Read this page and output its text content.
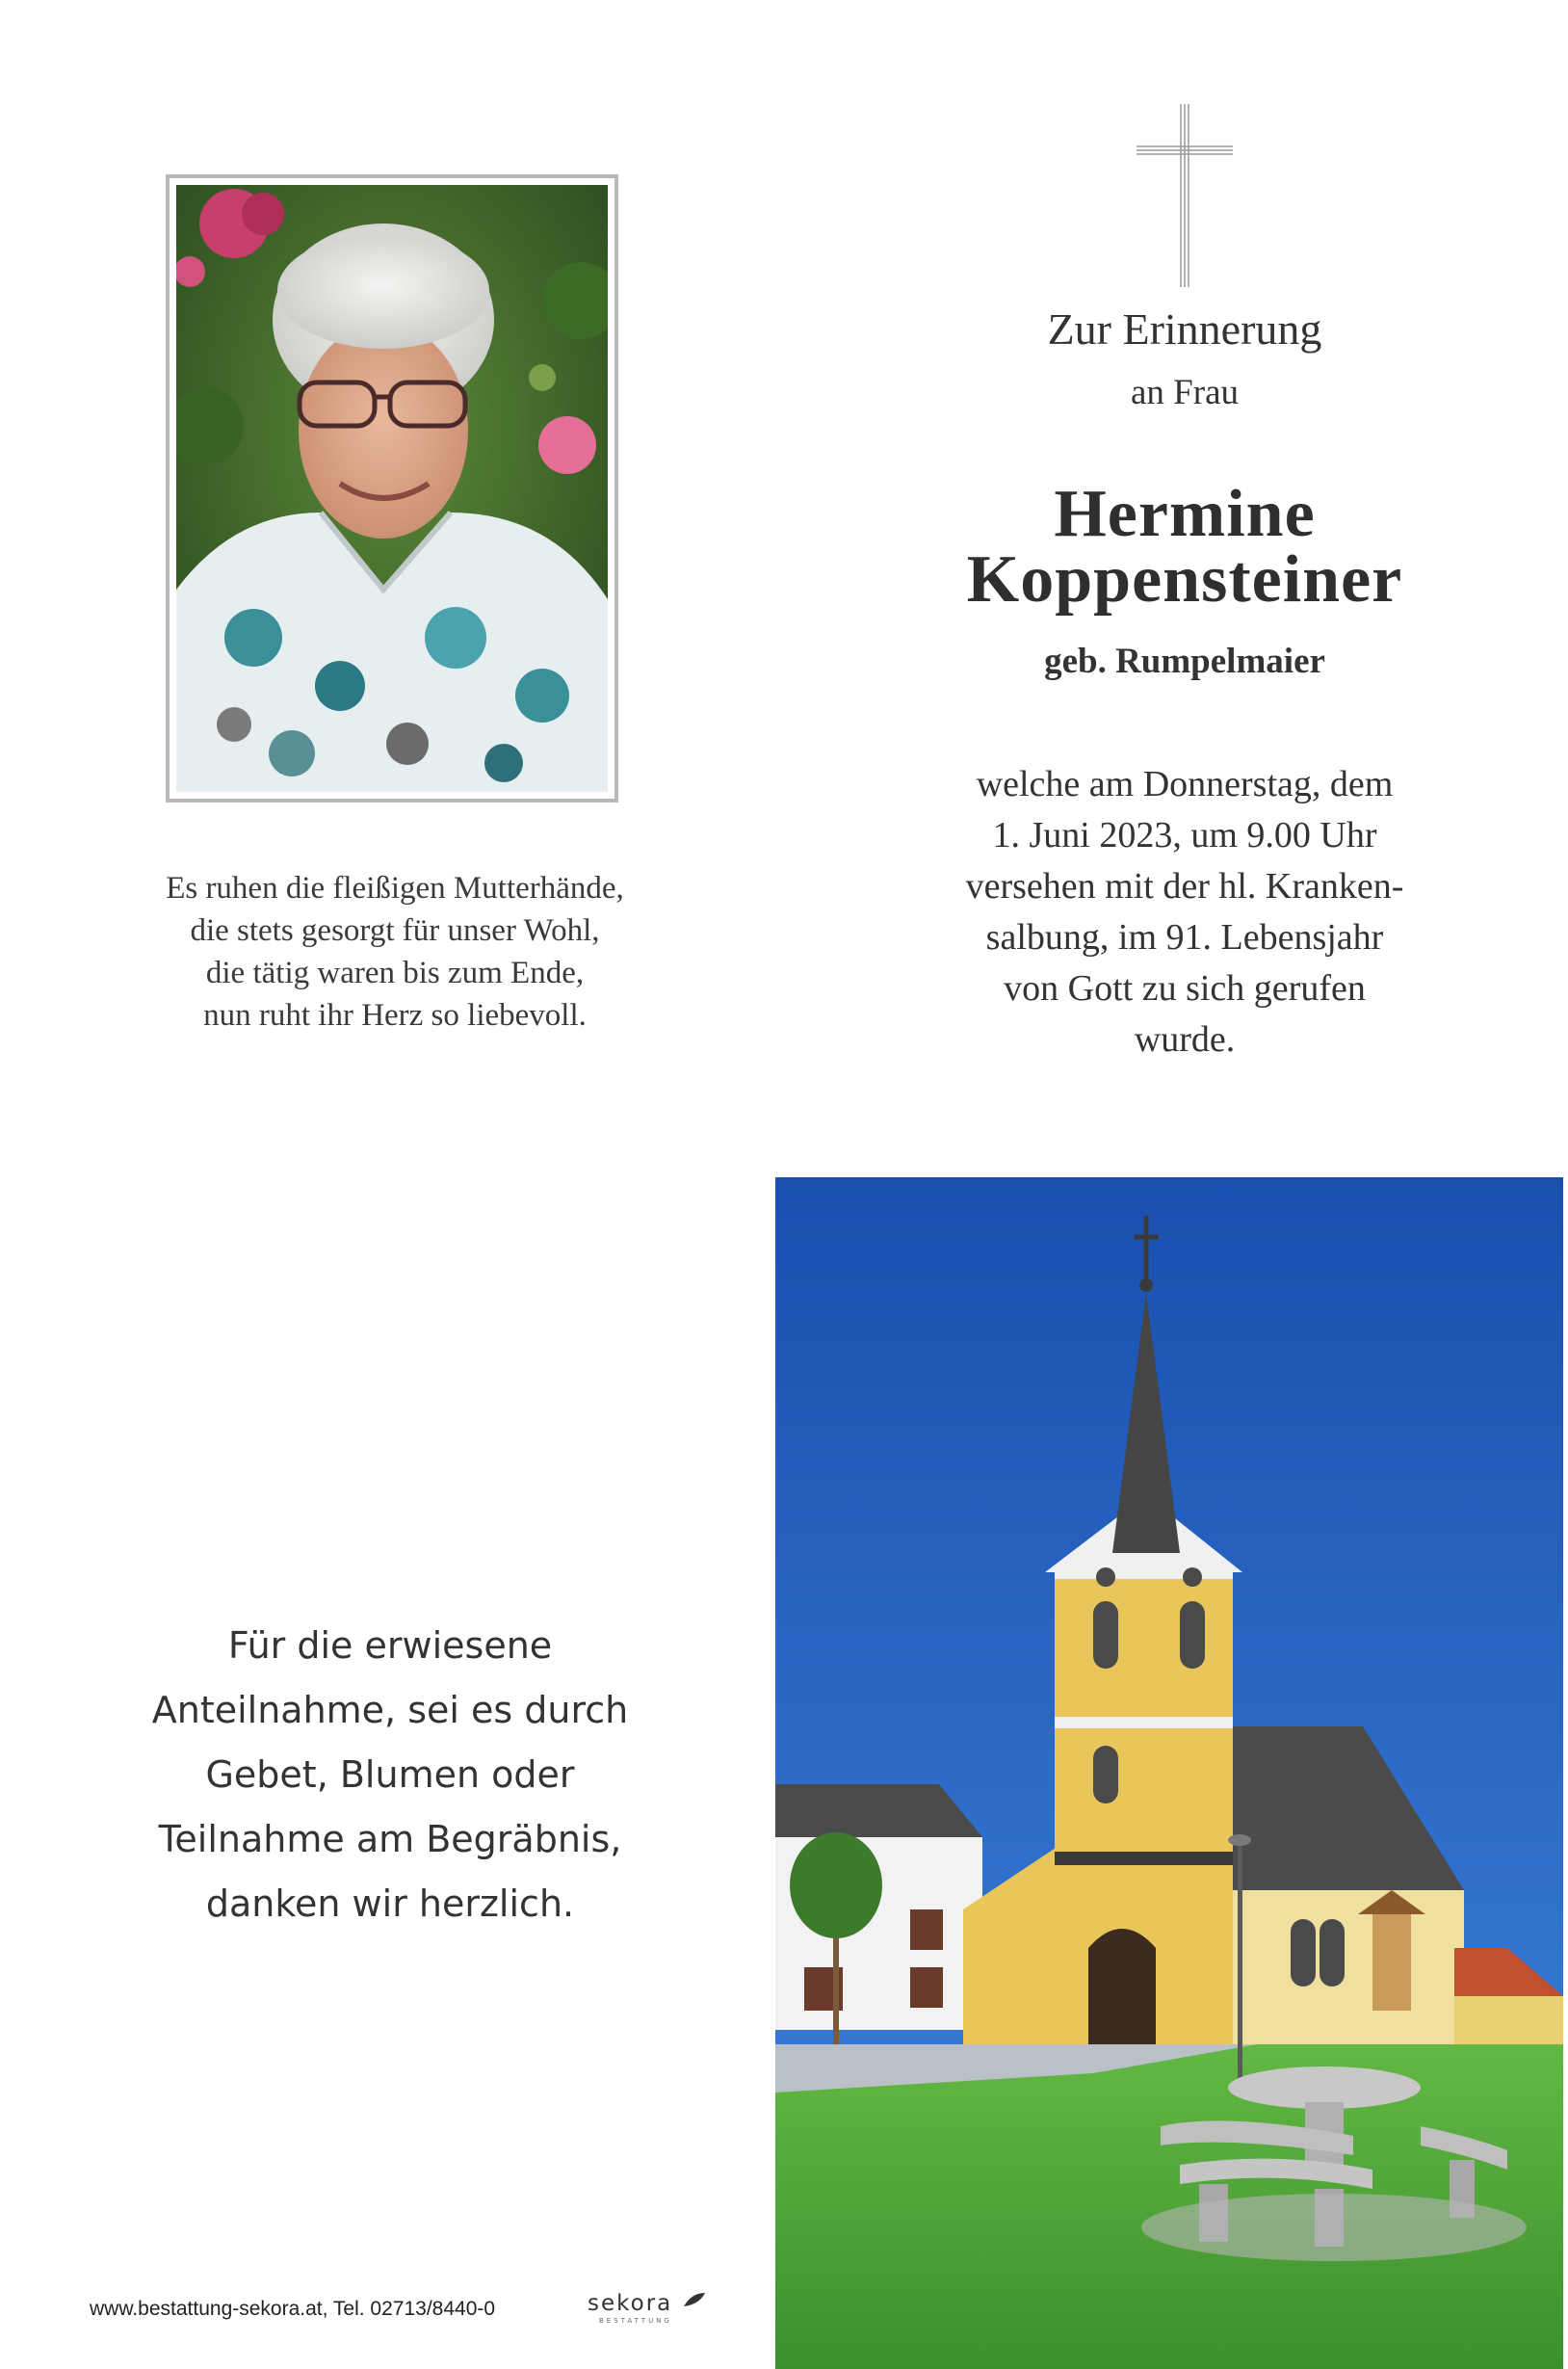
Es ruhen die fleißigen Mutterhände,
die stets gesorgt für unser Wohl,
die tätig waren bis zum Ende,
nun ruht ihr Herz so liebevoll.
Zur Erinnerung
an Frau
Hermine
Koppensteiner
geb. Rumpelmaier
welche am Donnerstag, dem
1. Juni 2023, um 9.00 Uhr
versehen mit der hl. Kranken-
salbung, im 91. Lebensjahr
von Gott zu sich gerufen
wurde.
Für die erwiesene
Anteilnahme, sei es durch
Gebet, Blumen oder
Teilnahme am Begräbnis,
danken wir herzlich.
www.bestattung-sekora.at, Tel. 02713/8440-0	sekora
BESTATTUNG
